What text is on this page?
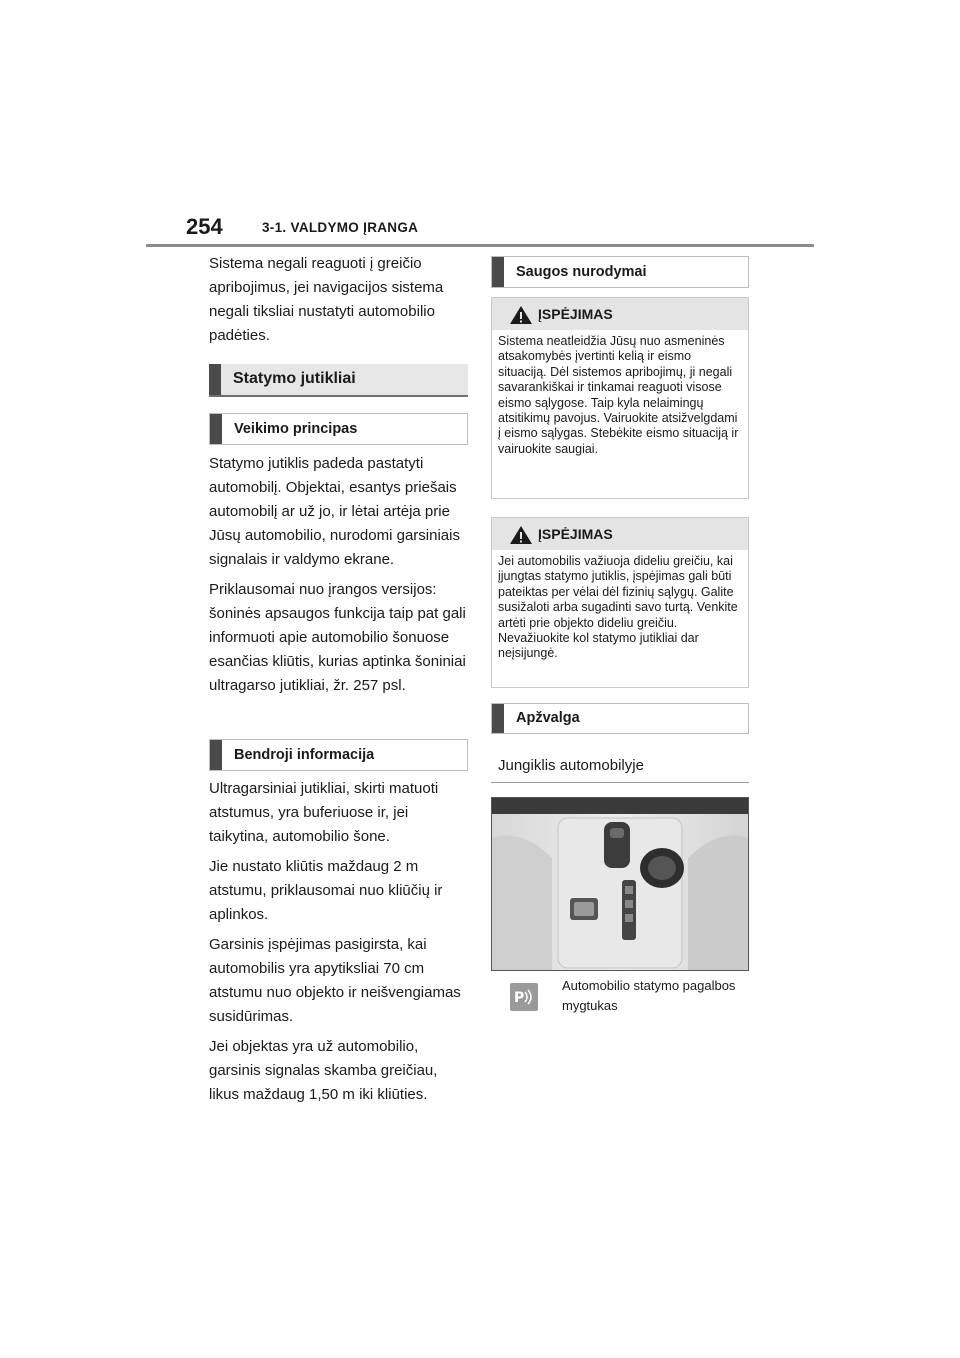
254	3-1. VALDYMO ĮRANGA

Sistema negali reaguoti į greičio apribojimus, jei navigacijos sistema negali tiksliai nustatyti automobilio padėties.

Statymo jutikliai
Veikimo principas

Statymo jutiklis padeda pastatyti automobilį. Objektai, esantys priešais automobilį ar už jo, ir lėtai artėja prie Jūsų automobilio, nurodomi garsiniais signalais ir valdymo ekrane.

Priklausomai nuo įrangos versijos: šoninės apsaugos funkcija taip pat gali informuoti apie automobilio šonuose esančias kliūtis, kurias aptinka šoniniai ultragarso jutikliai, žr. 257 psl.

Bendroji informacija

Ultragarsiniai jutikliai, skirti matuoti atstumus, yra buferiuose ir, jei taikytina, automobilio šone.

Jie nustato kliūtis maždaug 2 m atstumu, priklausomai nuo kliūčių ir aplinkos.

Garsinis įspėjimas pasigirsta, kai automobilis yra apytiksliai 70 cm atstumu nuo objekto ir neišvengiamas susidūrimas.

Jei objektas yra už automobilio, garsinis signalas skamba greičiau, likus maždaug 1,50 m iki kliūties.

Saugos nurodymai
ĮSPĖJIMAS
Sistema neatleidžia Jūsų nuo asmeninės atsakomybės įvertinti kelią ir eismo situaciją. Dėl sistemos apribojimų, ji negali savarankiškai ir tinkamai reaguoti visose eismo sąlygose. Taip kyla nelaimingų atsitikimų pavojus. Vairuokite atsižvelgdami į eismo sąlygas. Stebėkite eismo situaciją ir vairuokite saugiai.
ĮSPĖJIMAS
Jei automobilis važiuoja dideliu greičiu, kai įjungtas statymo jutiklis, įspėjimas gali būti pateiktas per vėlai dėl fizinių sąlygų. Galite susižaloti arba sugadinti savo turtą. Venkite artėti prie objekto dideliu greičiu. Nevažiuokite kol statymo jutikliai dar neįsijungė.
Apžvalga
Jungiklis automobilyje
P
Automobilio statymo pagalbos mygtukas
